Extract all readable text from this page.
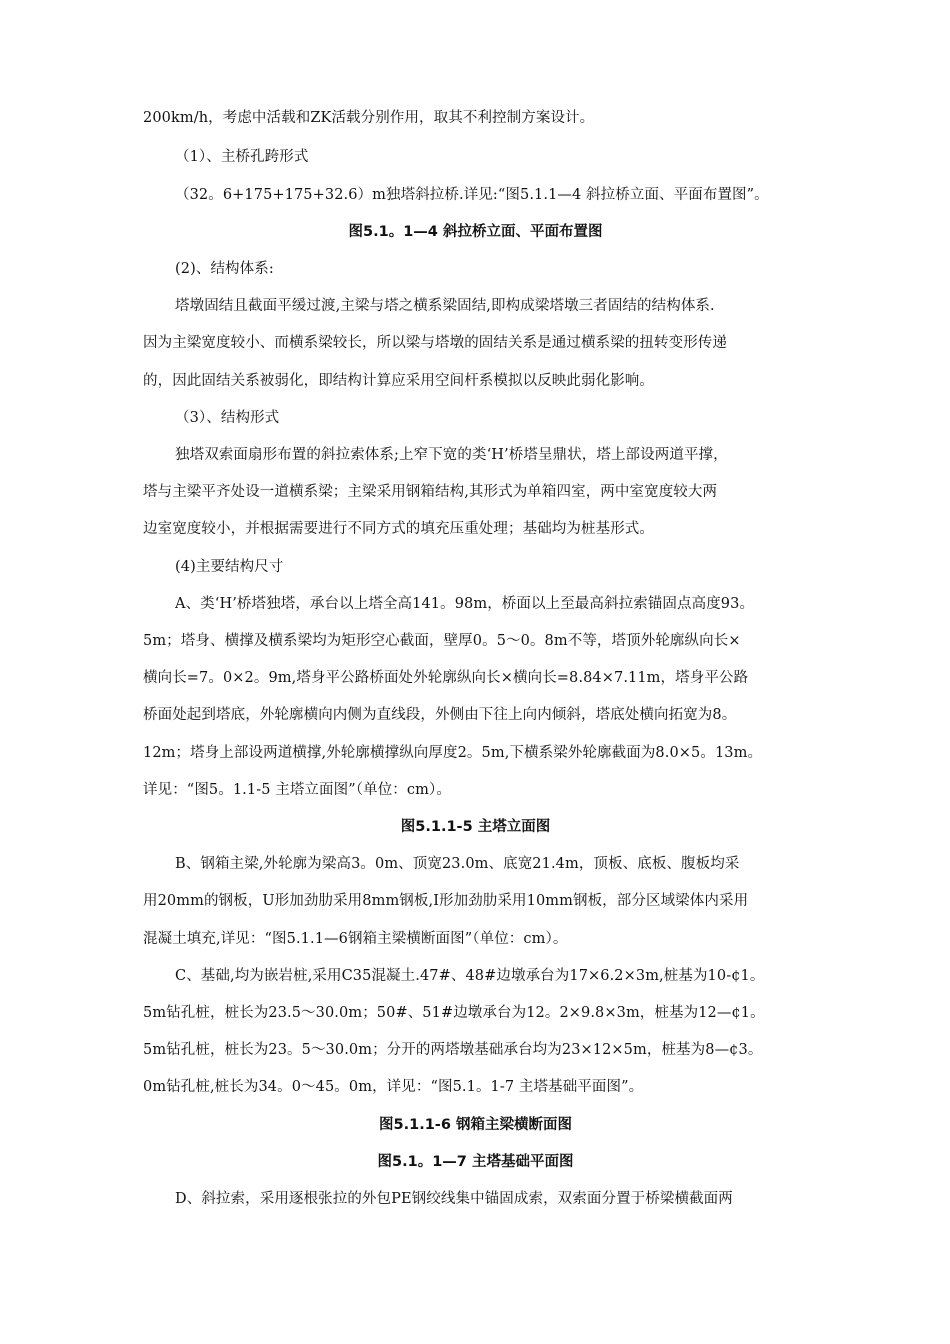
200km/h，考虑中活载和ZK活载分别作用，取其不利控制方案设计。
（1）、主桥孔跨形式
（32。6+175+175+32.6）m独塔斜拉桥.详见:“图5.1.1—4 斜拉桥立面、平面布置图”。
图5.1。1—4 斜拉桥立面、平面布置图
(2)、结构体系:
塔墩固结且截面平缓过渡,主梁与塔之横系梁固结,即构成梁塔墩三者固结的结构体系.
因为主梁宽度较小、而横系梁较长，所以梁与塔墩的固结关系是通过横系梁的扭转变形传递
的，因此固结关系被弱化，即结构计算应采用空间杆系模拟以反映此弱化影响。
（3）、结构形式
独塔双索面扇形布置的斜拉索体系;上窄下宽的类‘H’桥塔呈鼎状，塔上部设两道平撑，
塔与主梁平齐处设一道横系梁；主梁采用钢箱结构,其形式为单箱四室，两中室宽度较大两
边室宽度较小，并根据需要进行不同方式的填充压重处理；基础均为桩基形式。
(4)主要结构尺寸
A、类‘H’桥塔独塔，承台以上塔全高141。98m，桥面以上至最高斜拉索锚固点高度93。
5m；塔身、横撑及横系梁均为矩形空心截面，壁厚0。5～0。8m不等，塔顶外轮廓纵向长×
横向长=7。0×2。9m,塔身平公路桥面处外轮廓纵向长×横向长=8.84×7.11m，塔身平公路
桥面处起到塔底，外轮廓横向内侧为直线段，外侧由下往上向内倾斜，塔底处横向拓宽为8。
12m；塔身上部设两道横撑,外轮廓横撑纵向厚度2。5m,下横系梁外轮廓截面为8.0×5。13m。
详见：“图5。1.1-5 主塔立面图”（单位：cm）。
图5.1.1-5 主塔立面图
B、钢箱主梁,外轮廓为梁高3。0m、顶宽23.0m、底宽21.4m，顶板、底板、腹板均采
用20mm的钢板，U形加劲肋采用8mm钢板,I形加劲肋采用10mm钢板，部分区域梁体内采用
混凝土填充,详见：“图5.1.1—6钢箱主梁横断面图”（单位：cm）。
C、基础,均为嵌岩桩,采用C35混凝土.47#、48#边墩承台为17×6.2×3m,桩基为10-¢1。
5m钻孔桩，桩长为23.5～30.0m；50#、51#边墩承台为12。2×9.8×3m，桩基为12—¢1。
5m钻孔桩，桩长为23。5～30.0m；分开的两塔墩基础承台均为23×12×5m，桩基为8—¢3。
0m钻孔桩,桩长为34。0～45。0m，详见：“图5.1。1-7 主塔基础平面图”。
图5.1.1-6 钢箱主梁横断面图
图5.1。1—7 主塔基础平面图
D、斜拉索，采用逐根张拉的外包PE钢绞线集中锚固成索，双索面分置于桥梁横截面两
